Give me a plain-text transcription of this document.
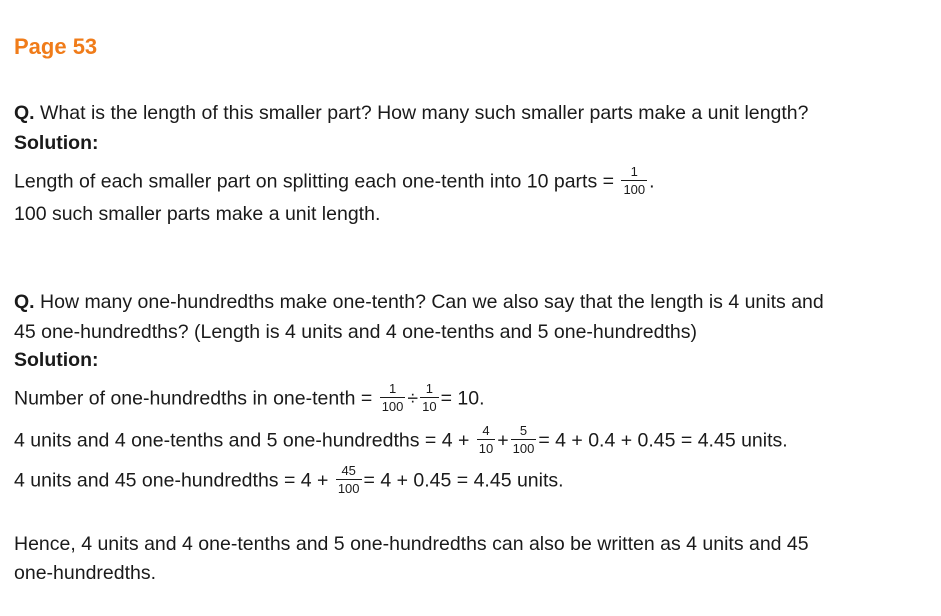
Page 53
Q. What is the length of this smaller part? How many such smaller parts make a unit length?
Solution:
Length of each smaller part on splitting each one-tenth into 10 parts = $\frac{1}{100}$ .
100 such smaller parts make a unit length.
Q. How many one-hundredths make one-tenth? Can we also say that the length is 4 units and
45 one-hundredths? (Length is 4 units and 4 one-tenths and 5 one-hundredths)
Solution:
Number of one-hundredths in one-tenth = $\frac{1}{100} \div \frac{1}{10} = 10$.
4 units and 4 one-tenths and 5 one-hundredths = $4 + \frac{4}{10} + \frac{5}{100} = 4 + 0.4 + 0.45 = 4.45$ units.
4 units and 45 one-hundredths = $4 + \frac{45}{100} = 4 + 0.45 = 4.45$ units.
Hence, 4 units and 4 one-tenths and 5 one-hundredths can also be written as 4 units and 45
one-hundredths.
